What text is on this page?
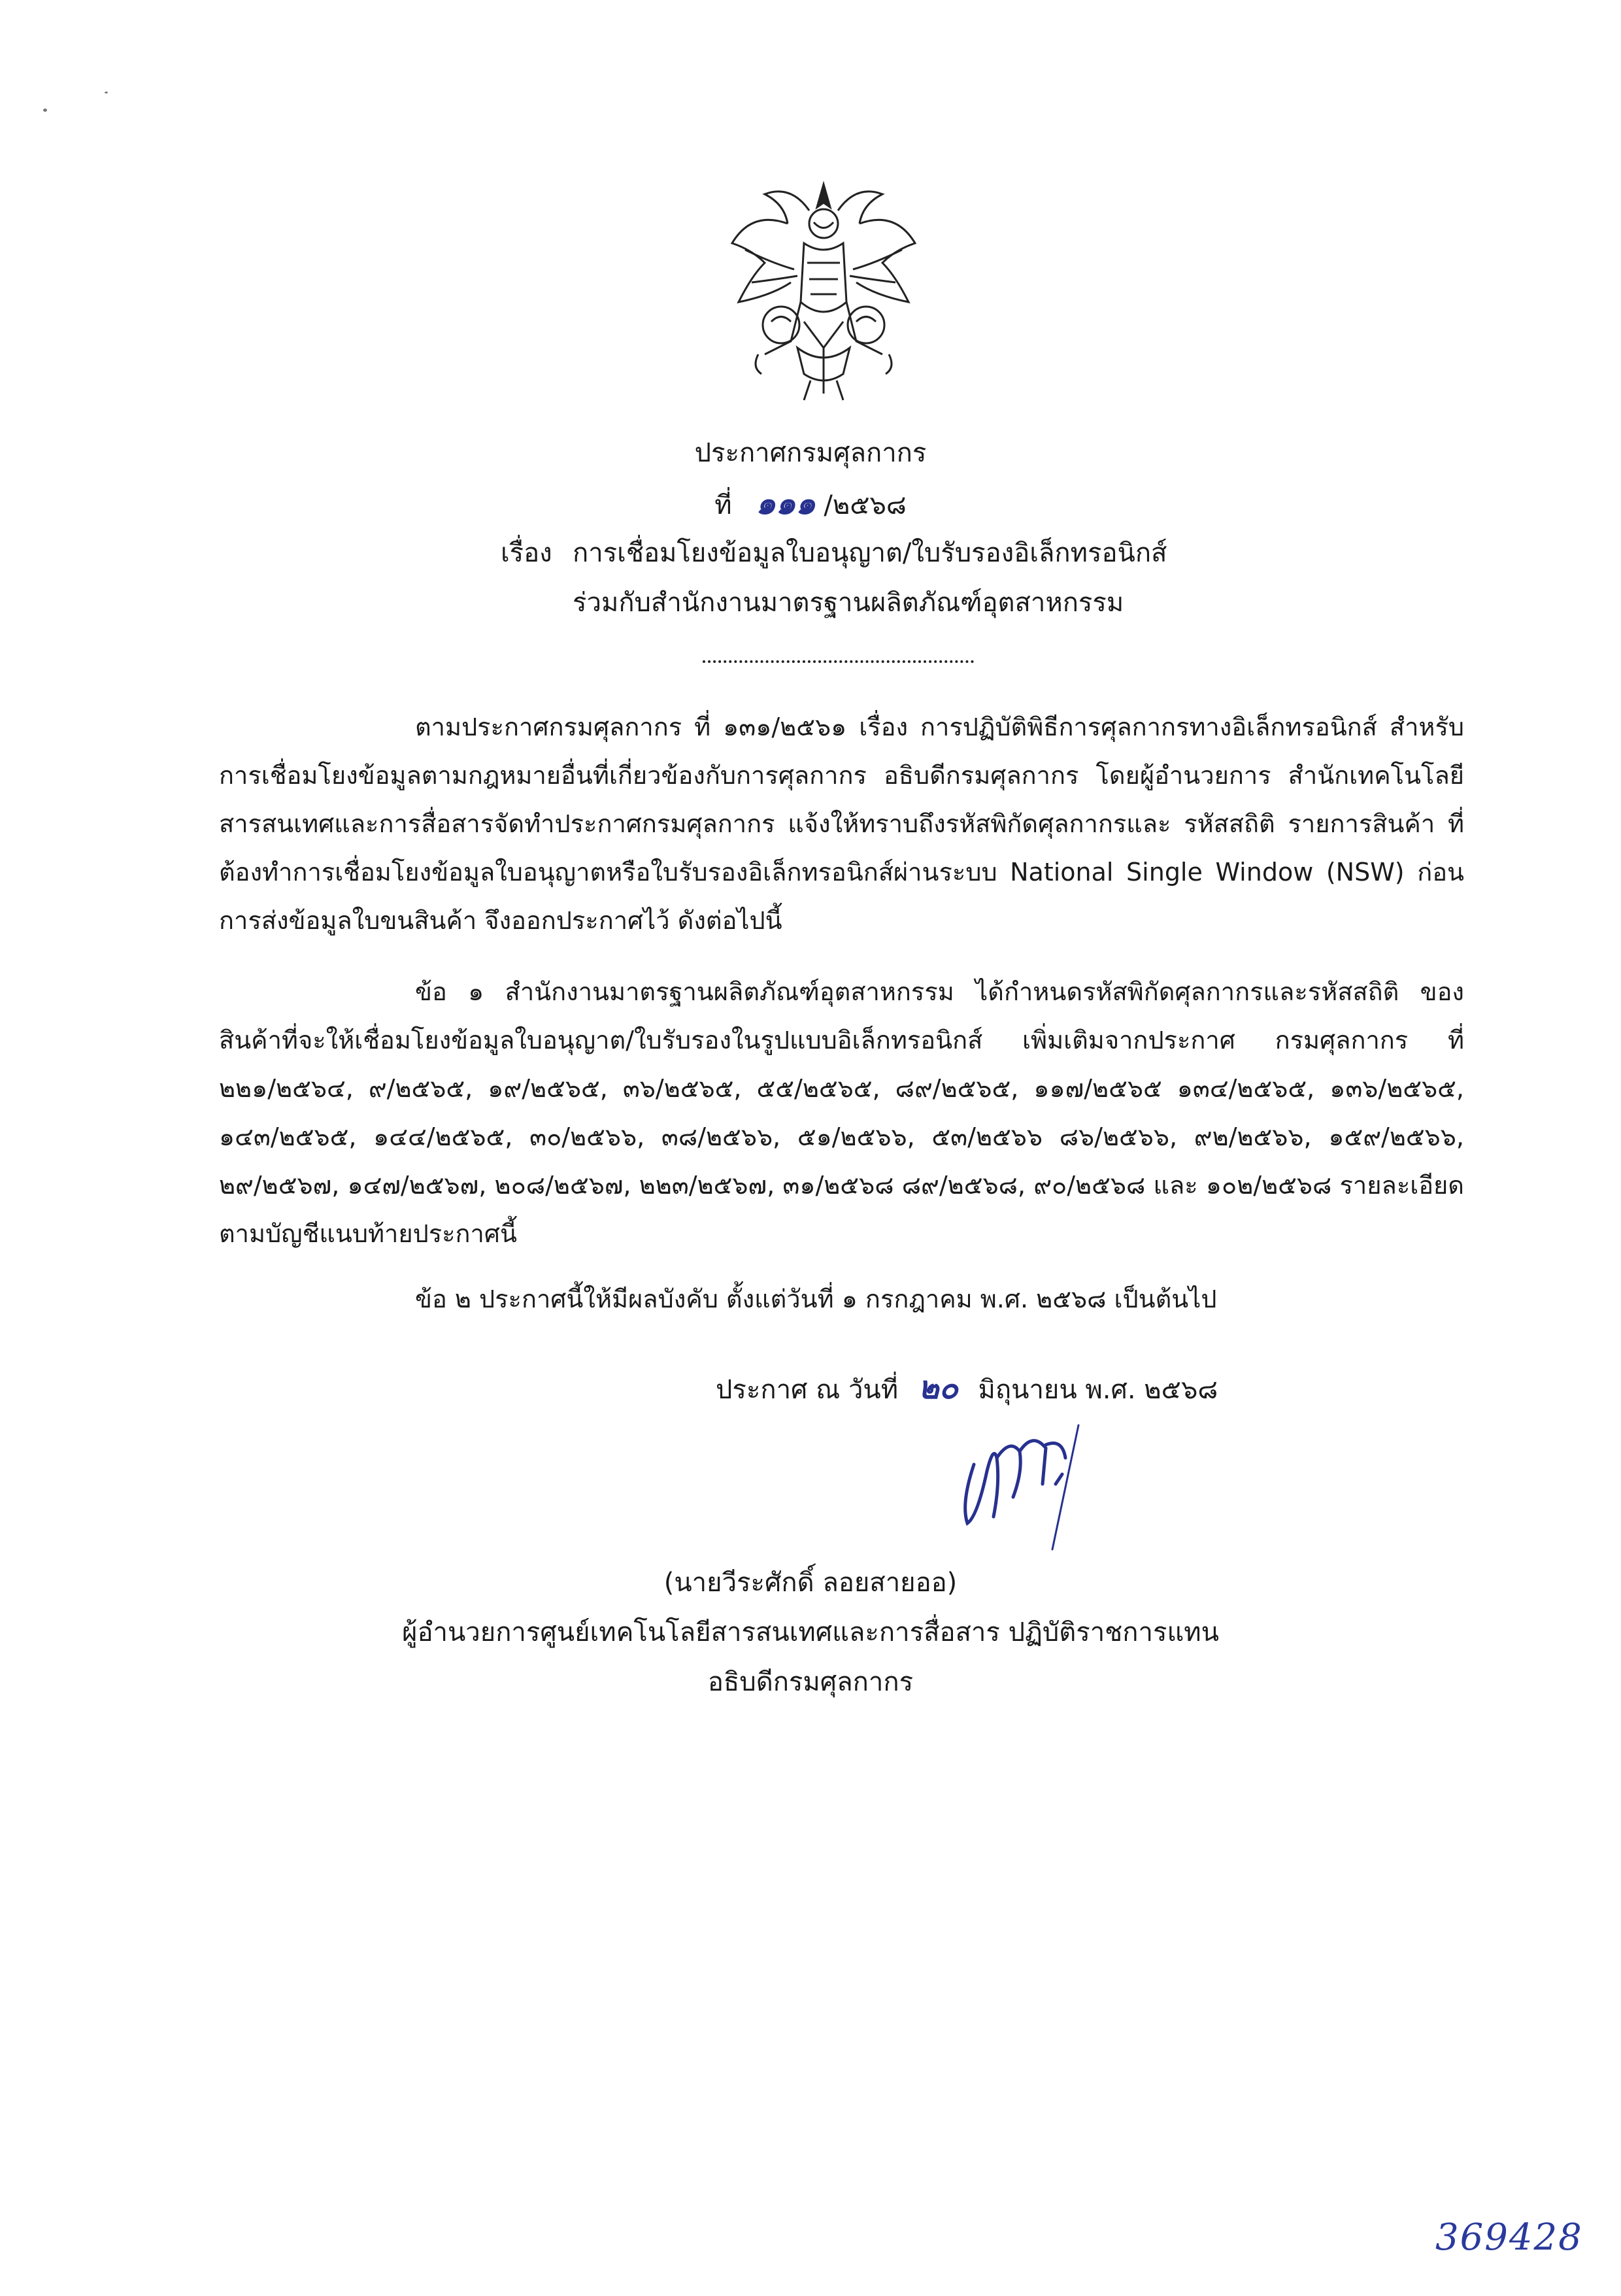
ประกาศกรมศุลกากร
ที่ ๑๑๑ /๒๕๖๘
เรื่อง การเชื่อมโยงข้อมูลใบอนุญาต/ใบรับรองอิเล็กทรอนิกส์
ร่วมกับสำนักงานมาตรฐานผลิตภัณฑ์อุตสาหกรรม

ตามประกาศกรมศุลกากร ที่ ๑๓๑/๒๕๖๑ เรื่อง การปฏิบัติพิธีการศุลกากรทางอิเล็กทรอนิกส์ สำหรับการเชื่อมโยงข้อมูลตามกฎหมายอื่นที่เกี่ยวข้องกับการศุลกากร อธิบดีกรมศุลกากร โดยผู้อำนวยการ สำนักเทคโนโลยีสารสนเทศและการสื่อสารจัดทำประกาศกรมศุลกากร แจ้งให้ทราบถึงรหัสพิกัดศุลกากรและ รหัสสถิติ รายการสินค้า ที่ต้องทำการเชื่อมโยงข้อมูลใบอนุญาตหรือใบรับรองอิเล็กทรอนิกส์ผ่านระบบ National Single Window (NSW) ก่อนการส่งข้อมูลใบขนสินค้า จึงออกประกาศไว้ ดังต่อไปนี้

ข้อ ๑ สำนักงานมาตรฐานผลิตภัณฑ์อุตสาหกรรม ได้กำหนดรหัสพิกัดศุลกากรและรหัสสถิติ ของสินค้าที่จะให้เชื่อมโยงข้อมูลใบอนุญาต/ใบรับรองในรูปแบบอิเล็กทรอนิกส์ เพิ่มเติมจากประกาศ กรมศุลกากร ที่ ๒๒๑/๒๕๖๔, ๙/๒๕๖๕, ๑๙/๒๕๖๕, ๓๖/๒๕๖๕, ๕๕/๒๕๖๕, ๘๙/๒๕๖๕, ๑๑๗/๒๕๖๕ ๑๓๔/๒๕๖๕, ๑๓๖/๒๕๖๕, ๑๔๓/๒๕๖๕, ๑๔๔/๒๕๖๕, ๓๐/๒๕๖๖, ๓๘/๒๕๖๖, ๕๑/๒๕๖๖, ๕๓/๒๕๖๖ ๘๖/๒๕๖๖, ๙๒/๒๕๖๖, ๑๕๙/๒๕๖๖, ๒๙/๒๕๖๗, ๑๔๗/๒๕๖๗, ๒๐๘/๒๕๖๗, ๒๒๓/๒๕๖๗, ๓๑/๒๕๖๘ ๘๙/๒๕๖๘, ๙๐/๒๕๖๘ และ ๑๐๒/๒๕๖๘ รายละเอียดตามบัญชีแนบท้ายประกาศนี้

ข้อ ๒ ประกาศนี้ให้มีผลบังคับ ตั้งแต่วันที่ ๑ กรกฎาคม พ.ศ. ๒๕๖๘ เป็นต้นไป

ประกาศ ณ วันที่ ๒๐ มิถุนายน พ.ศ. ๒๕๖๘
(นายวีระศักดิ์ ลอยสายออ)
ผู้อำนวยการศูนย์เทคโนโลยีสารสนเทศและการสื่อสาร ปฏิบัติราชการแทน
อธิบดีกรมศุลกากร
369428
